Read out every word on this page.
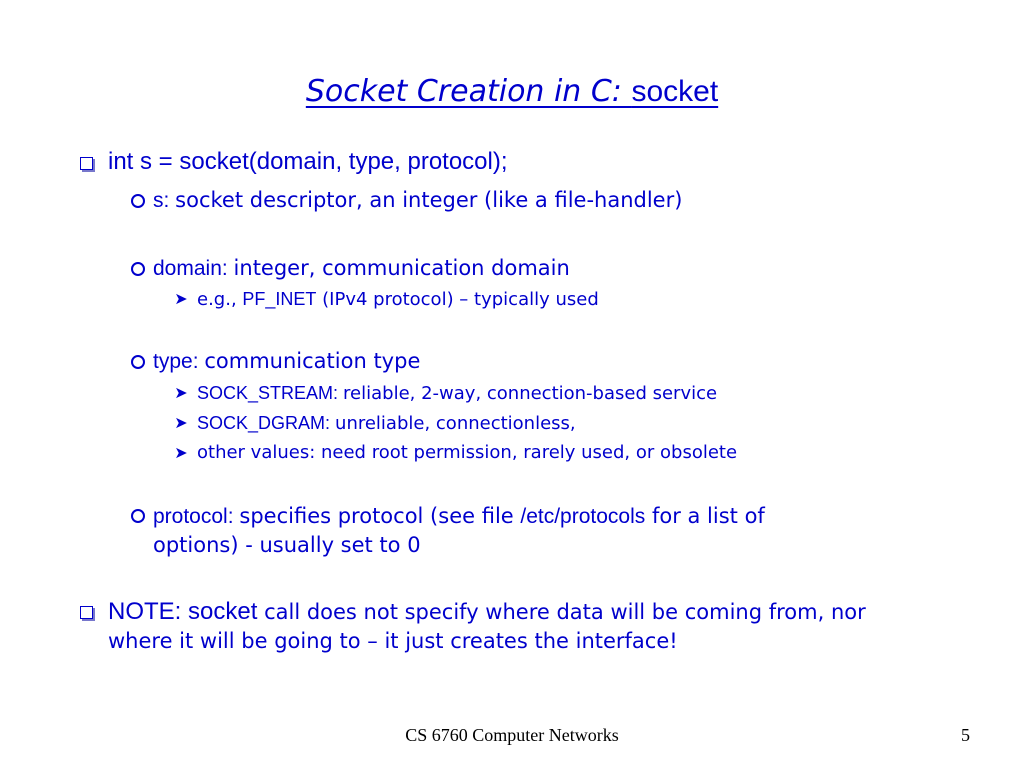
Socket Creation in C: socket
int s = socket(domain, type, protocol);
s: socket descriptor, an integer (like a file-handler)
domain: integer, communication domain
➤ e.g., PF_INET (IPv4 protocol) – typically used
type: communication type
➤ SOCK_STREAM: reliable, 2-way, connection-based service
➤ SOCK_DGRAM: unreliable, connectionless,
➤ other values: need root permission, rarely used, or obsolete
protocol: specifies protocol (see file /etc/protocols for a list of
options) - usually set to 0
NOTE: socket call does not specify where data will be coming from, nor
where it will be going to – it just creates the interface!
CS 6760 Computer Networks	5
